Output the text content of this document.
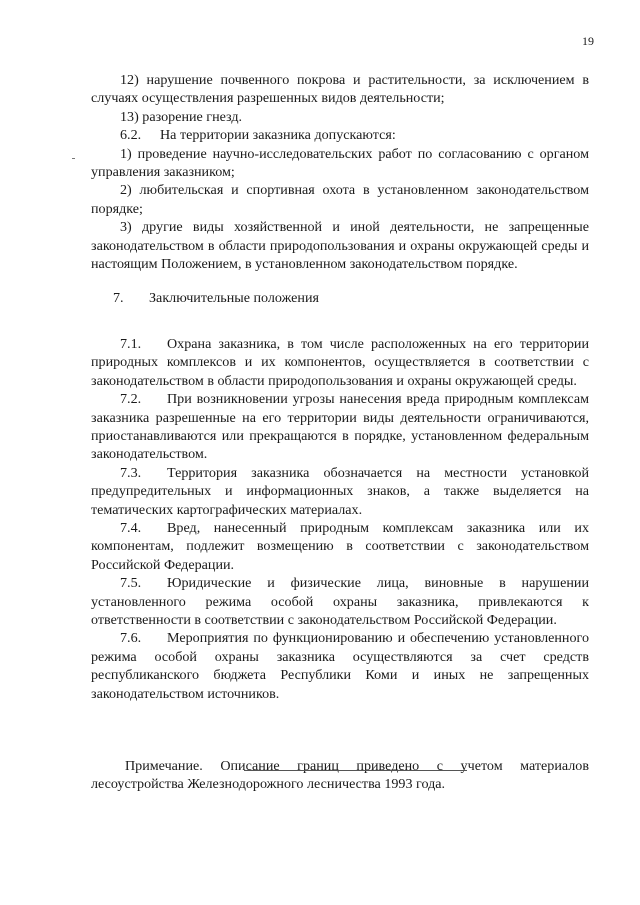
19

12) нарушение почвенного покрова и растительности, за исключением в случаях осуществления разрешенных видов деятельности;

13) разорение гнезд.

6.2. На территории заказника допускаются:

1) проведение научно-исследовательских работ по согласованию с органом управления заказником;

2) любительская и спортивная охота в установленном законодательством порядке;

3) другие виды хозяйственной и иной деятельности, не запрещенные законодательством в области природопользования и охраны окружающей среды и настоящим Положением, в установленном законодательством порядке.

7. Заключительные положения

7.1. Охрана заказника, в том числе расположенных на его территории природных комплексов и их компонентов, осуществляется в соответствии с законодательством в области природопользования и охраны окружающей среды.

7.2. При возникновении угрозы нанесения вреда природным комплексам заказника разрешенные на его территории виды деятельности ограничиваются, приостанавливаются или прекращаются в порядке, установленном федеральным законодательством.

7.3. Территория заказника обозначается на местности установкой предупредительных и информационных знаков, а также выделяется на тематических картографических материалах.

7.4. Вред, нанесенный природным комплексам заказника или их компонентам, подлежит возмещению в соответствии с законодательством Российской Федерации.

7.5. Юридические и физические лица, виновные в нарушении установленного режима особой охраны заказника, привлекаются к ответственности в соответствии с законодательством Российской Федерации.

7.6. Мероприятия по функционированию и обеспечению установленного режима особой охраны заказника осуществляются за счет средств республиканского бюджета Республики Коми и иных не запрещенных законодательством источников.

Примечание. Описание границ приведено с учетом материалов лесоустройства Железнодорожного лесничества 1993 года.
